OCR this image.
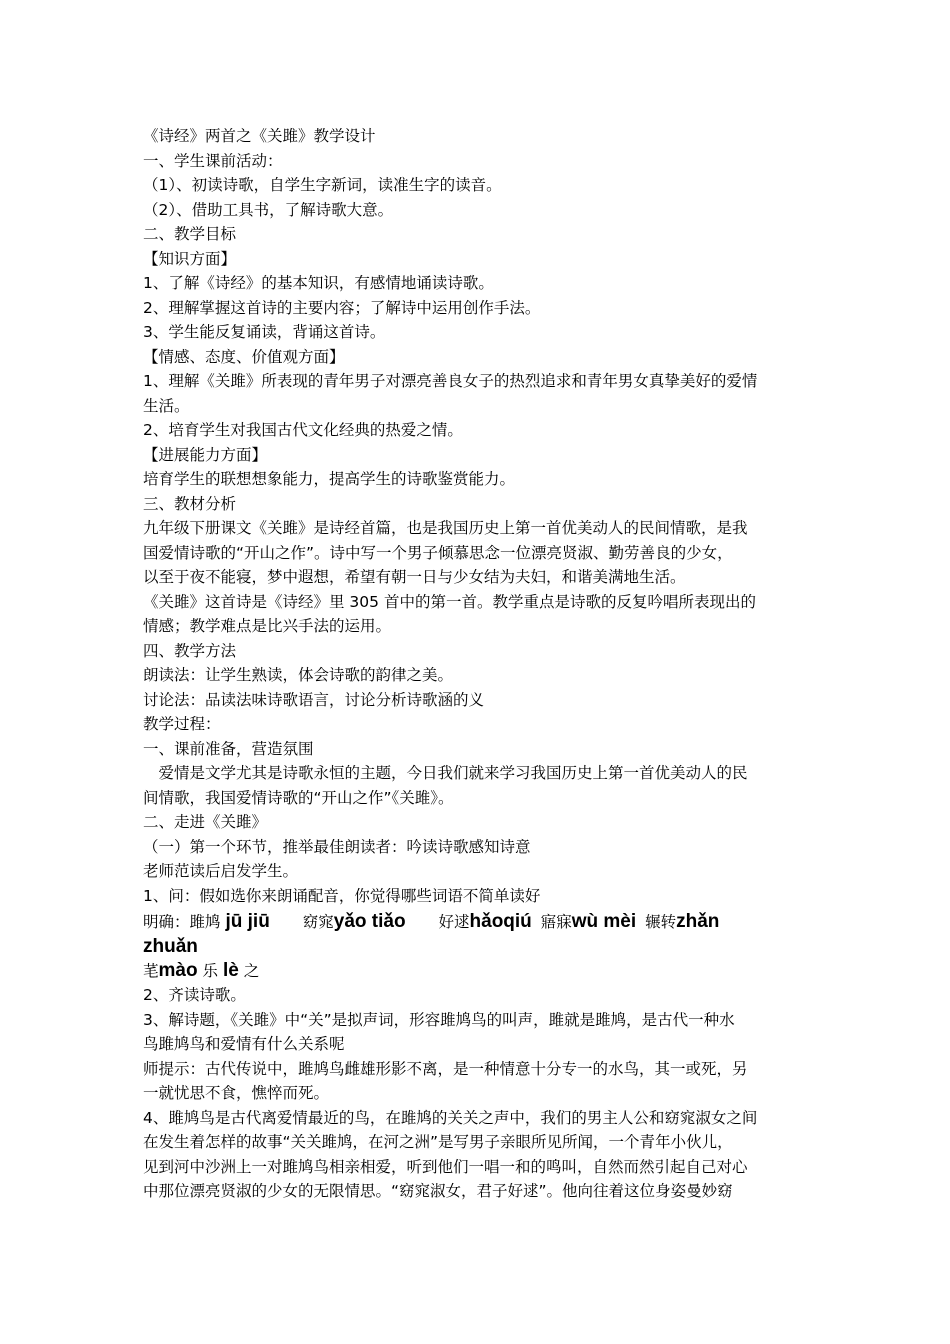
《诗经》两首之《关雎》教学设计
一、学生课前活动：
（1）、初读诗歌，自学生字新词，读准生字的读音。
（2）、借助工具书，了解诗歌大意。
二、教学目标
【知识方面】
1、了解《诗经》的基本知识，有感情地诵读诗歌。
2、理解掌握这首诗的主要内容；了解诗中运用创作手法。
3、学生能反复诵读，背诵这首诗。
【情感、态度、价值观方面】
1、理解《关雎》所表现的青年男子对漂亮善良女子的热烈追求和青年男女真挚美好的爱情
生活。
2、培育学生对我国古代文化经典的热爱之情。
【进展能力方面】
培育学生的联想想象能力，提高学生的诗歌鉴赏能力。
三、教材分析
九年级下册课文《关雎》是诗经首篇，也是我国历史上第一首优美动人的民间情歌，是我
国爱情诗歌的“开山之作”。诗中写一个男子倾慕思念一位漂亮贤淑、勤劳善良的少女，
以至于夜不能寝，梦中遐想，希望有朝一日与少女结为夫妇，和谐美满地生活。
《关雎》这首诗是《诗经》里 305 首中的第一首。教学重点是诗歌的反复吟唱所表现出的
情感；教学难点是比兴手法的运用。
四、教学方法
朗读法：让学生熟读，体会诗歌的韵律之美。
讨论法：品读法味诗歌语言，讨论分析诗歌涵的义
教学过程：
一、课前准备，营造氛围
　爱情是文学尤其是诗歌永恒的主题，今日我们就来学习我国历史上第一首优美动人的民
间情歌，我国爱情诗歌的“开山之作”《关雎》。
二、走进《关雎》
（一）第一个环节，推举最佳朗读者：吟读诗歌感知诗意
老师范读后启发学生。
1、问：假如选你来朗诵配音，你觉得哪些词语不简单读好
明确：雎鸠 jū jiū 窈窕yǎo tiǎo 好逑hǎoqiú 寤寐wù mèi 辗转zhǎn
zhuǎn
芼mào 乐 lè 之
2、齐读诗歌。
3、解诗题，《关雎》中“关”是拟声词，形容雎鸠鸟的叫声，雎就是雎鸠，是古代一种水
鸟雎鸠鸟和爱情有什么关系呢
师提示：古代传说中，雎鸠鸟雌雄形影不离，是一种情意十分专一的水鸟，其一或死，另
一就忧思不食，憔悴而死。
4、雎鸠鸟是古代离爱情最近的鸟，在雎鸠的关关之声中，我们的男主人公和窈窕淑女之间
在发生着怎样的故事“关关雎鸠，在河之洲”是写男子亲眼所见所闻，一个青年小伙儿，
见到河中沙洲上一对雎鸠鸟相亲相爱，听到他们一唱一和的鸣叫，自然而然引起自己对心
中那位漂亮贤淑的少女的无限情思。“窈窕淑女，君子好逑”。他向往着这位身姿曼妙窈
